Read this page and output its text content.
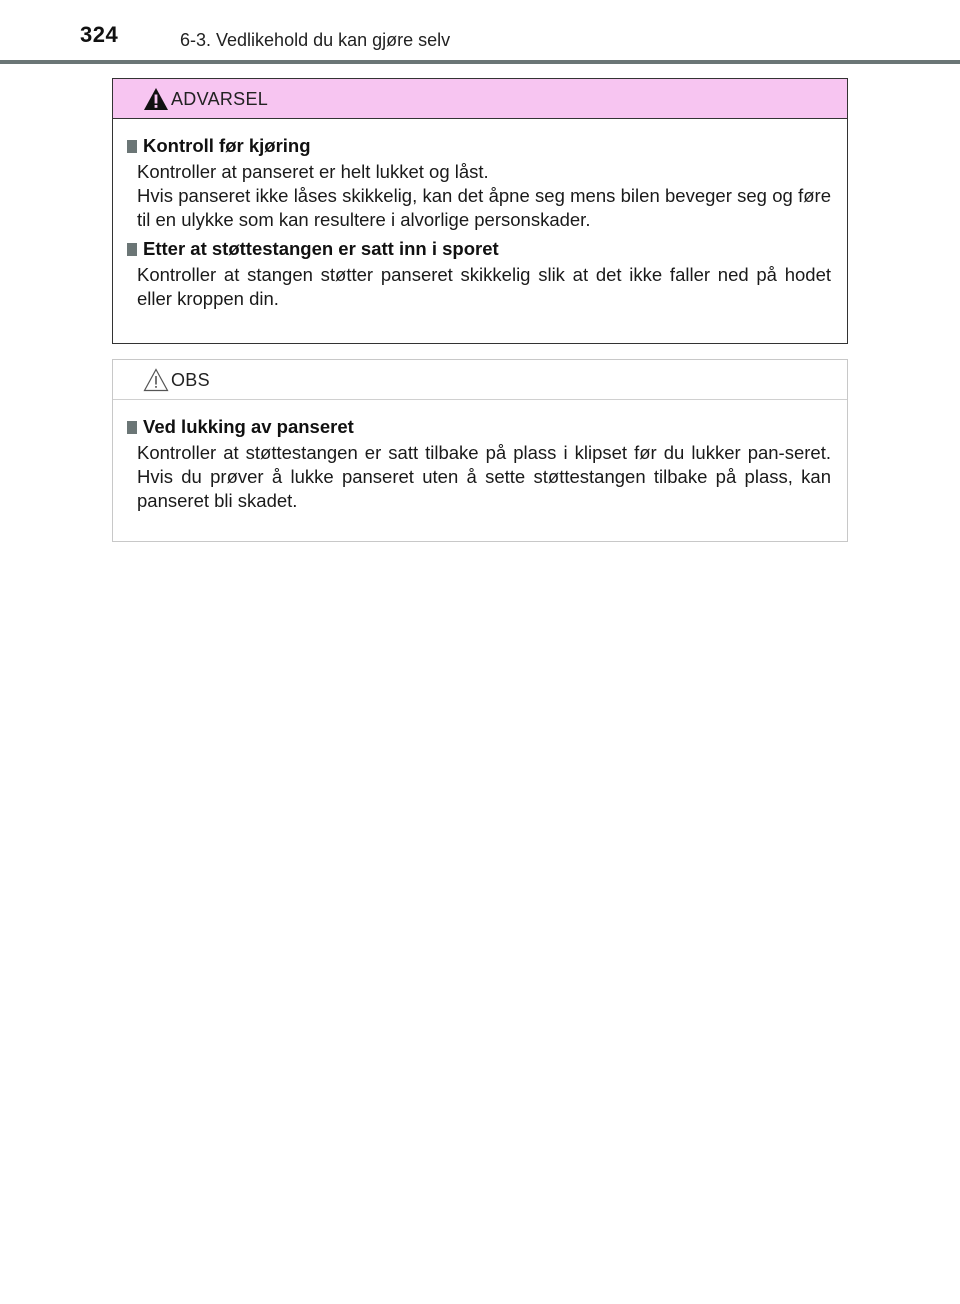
324	6-3. Vedlikehold du kan gjøre selv
ADVARSEL
Kontroll før kjøring
Kontroller at panseret er helt lukket og låst.
Hvis panseret ikke låses skikkelig, kan det åpne seg mens bilen beveger seg og føre til en ulykke som kan resultere i alvorlige personskader.
Etter at støttestangen er satt inn i sporet
Kontroller at stangen støtter panseret skikkelig slik at det ikke faller ned på hodet eller kroppen din.
OBS
Ved lukking av panseret
Kontroller at støttestangen er satt tilbake på plass i klipset før du lukker pan-seret. Hvis du prøver å lukke panseret uten å sette støttestangen tilbake på plass, kan panseret bli skadet.
